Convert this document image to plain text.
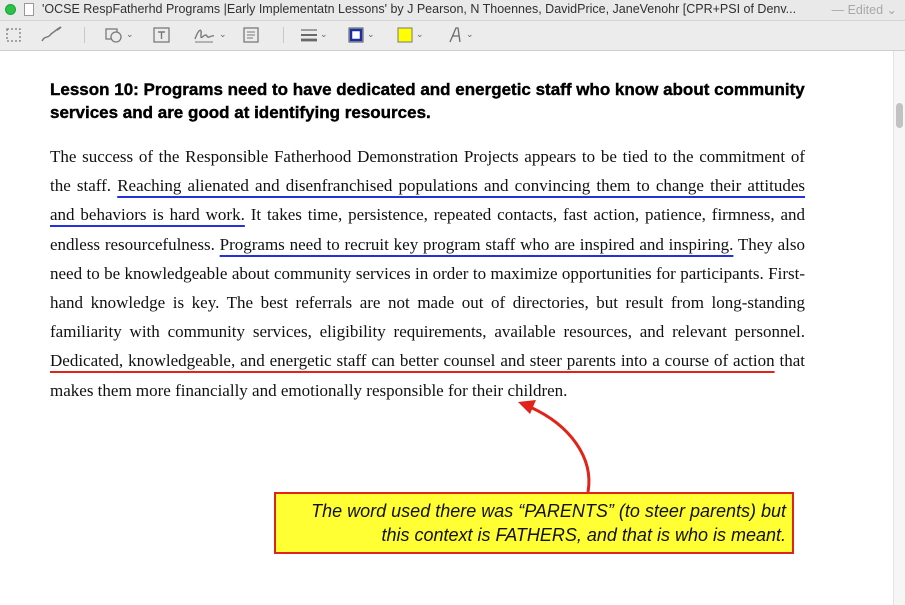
'OCSE RespFatherhd Programs |Early Implementatn Lessons' by J Pearson, N Thoennes, DavidPrice, JaneVenohr [CPR+PSI of Denv...	— Edited ⌄
⌄	⌄	⌄	⌄	⌄	⌄
Lesson 10: Programs need to have dedicated and energetic staff who know about community services and are good at identifying resources.
The success of the Responsible Fatherhood Demonstration Projects appears to be tied to the commitment of the staff. Reaching alienated and disenfranchised populations and convincing them to change their attitudes and behaviors is hard work. It takes time, persistence, repeated contacts, fast action, patience, firmness, and endless resourcefulness. Programs need to recruit key program staff who are inspired and inspiring. They also need to be knowledgeable about community services in order to maximize opportunities for participants. First-hand knowledge is key. The best referrals are not made out of directories, but result from long-standing familiarity with community services, eligibility requirements, available resources, and relevant personnel. Dedicated, knowledgeable, and energetic staff can better counsel and steer parents into a course of action that makes them more financially and emotionally responsible for their children.
The word used there was “PARENTS” (to steer parents) but
this context is FATHERS, and that is who is meant.
